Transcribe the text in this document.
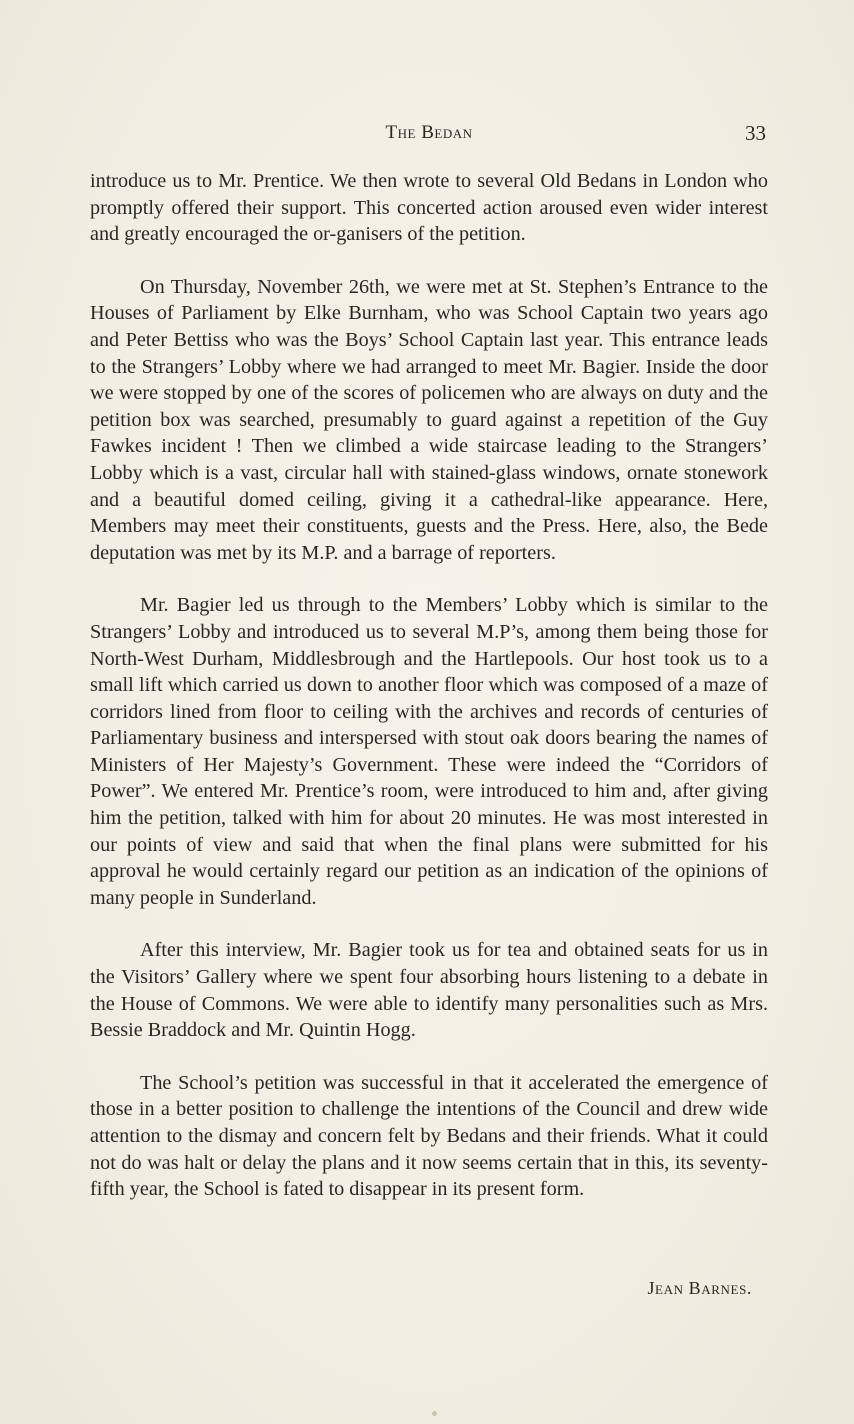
The Bedan	33

introduce us to Mr. Prentice. We then wrote to several Old Bedans in London who promptly offered their support. This concerted action aroused even wider interest and greatly encouraged the or-ganisers of the petition.

On Thursday, November 26th, we were met at St. Stephen’s Entrance to the Houses of Parliament by Elke Burnham, who was School Captain two years ago and Peter Bettiss who was the Boys’ School Captain last year. This entrance leads to the Strangers’ Lobby where we had arranged to meet Mr. Bagier. Inside the door we were stopped by one of the scores of policemen who are always on duty and the petition box was searched, presumably to guard against a repetition of the Guy Fawkes incident ! Then we climbed a wide staircase leading to the Strangers’ Lobby which is a vast, circular hall with stained-glass windows, ornate stonework and a beautiful domed ceiling, giving it a cathedral-like appearance. Here, Members may meet their constituents, guests and the Press. Here, also, the Bede deputation was met by its M.P. and a barrage of reporters.

Mr. Bagier led us through to the Members’ Lobby which is similar to the Strangers’ Lobby and introduced us to several M.P’s, among them being those for North-West Durham, Middlesbrough and the Hartlepools. Our host took us to a small lift which carried us down to another floor which was composed of a maze of corridors lined from floor to ceiling with the archives and records of centuries of Parliamentary business and interspersed with stout oak doors bearing the names of Ministers of Her Majesty’s Government. These were indeed the “Corridors of Power”. We entered Mr. Prentice’s room, were introduced to him and, after giving him the petition, talked with him for about 20 minutes. He was most interested in our points of view and said that when the final plans were submitted for his approval he would certainly regard our petition as an indication of the opinions of many people in Sunderland.

After this interview, Mr. Bagier took us for tea and obtained seats for us in the Visitors’ Gallery where we spent four absorbing hours listening to a debate in the House of Commons. We were able to identify many personalities such as Mrs. Bessie Braddock and Mr. Quintin Hogg.

The School’s petition was successful in that it accelerated the emergence of those in a better position to challenge the intentions of the Council and drew wide attention to the dismay and concern felt by Bedans and their friends. What it could not do was halt or delay the plans and it now seems certain that in this, its seventy-fifth year, the School is fated to disappear in its present form.

Jean Barnes.
